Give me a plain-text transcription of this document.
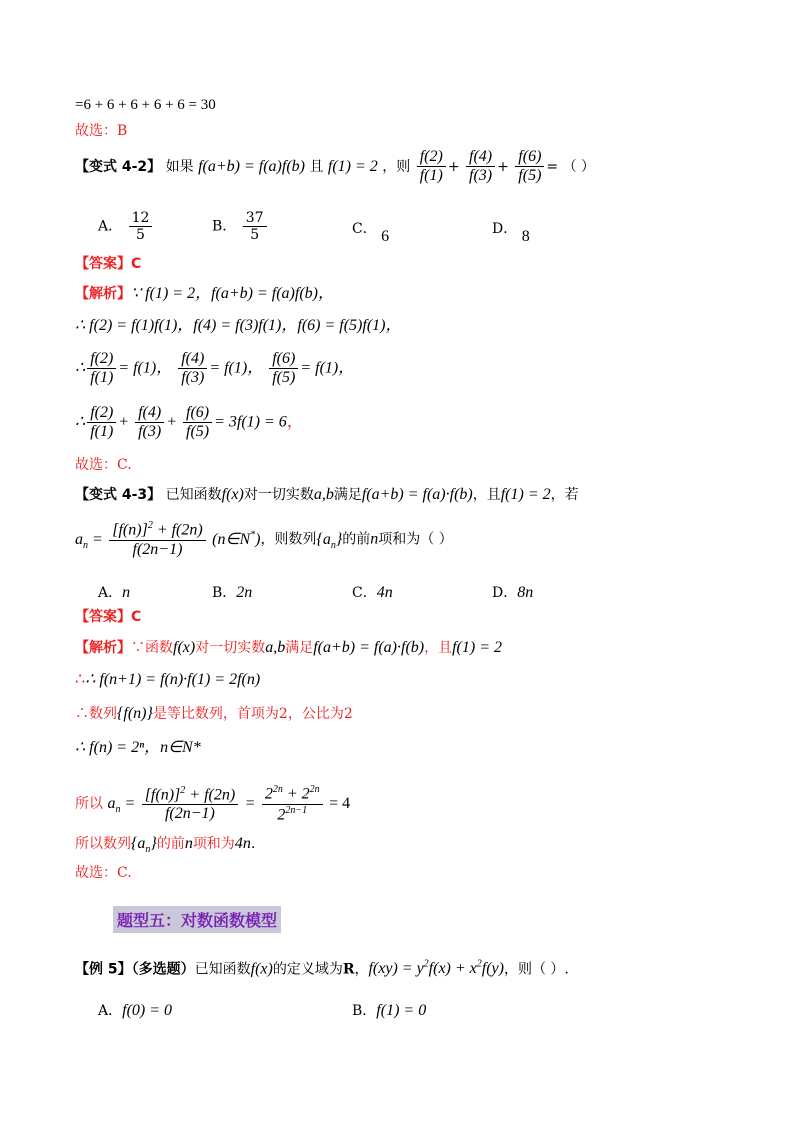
=6 + 6 + 6 + 6 + 6 = 30
故选：B
【变式 4-2】 如果 f(a+b) = f(a)f(b) 且 f(1) = 2 ，则 $\frac{f(2)}{f(1)} + \frac{f(4)}{f(3)} + \frac{f(6)}{f(5)}$ = （ ）
A． $\frac{12}{5}$	B． $\frac{37}{5}$	C． 6	D． 8
【答案】C
【解析】∵ f(1) = 2，f(a+b) = f(a)f(b)，
∴ f(2) = f(1)f(1)，f(4) = f(3)f(1)，f(6) = f(5)f(1)，
∴ $\frac{f(2)}{f(1)} = f(1)$， $\frac{f(4)}{f(3)} = f(1)$， $\frac{f(6)}{f(5)} = f(1)$，
∴ $\frac{f(2)}{f(1)} + \frac{f(4)}{f(3)} + \frac{f(6)}{f(5)} = 3f(1) = 6$，
故选：C.
【变式 4-3】 已知函数f(x)对一切实数a,b满足f(a+b) = f(a)·f(b)，且f(1) = 2，若
$a_n = \frac{[f(n)]^2 + f(2n)}{f(2n-1)}$ (n∈N*)，则数列$\{a_n\}$的前n项和为（ ）
A．n	B．2n	C．4n	D．8n
【答案】C
【解析】∵函数f(x)对一切实数a,b满足f(a+b) = f(a)·f(b)，且f(1) = 2
∴∴ f(n+1) = f(n)·f(1) = 2f(n)
∴数列{f(n)}是等比数列，首项为2，公比为2
∴ f(n) = 2ⁿ，n∈N*
所以 $a_n = \frac{[f(n)]^2 + f(2n)}{f(2n-1)} = \frac{2^{2n} + 2^{2n}}{2^{2n-1}} = 4$
所以数列$\{a_n\}$的前n项和为4n.
故选：C.
题型五：对数函数模型
【例 5】（多选题）已知函数f(x)的定义域为R，$f(xy) = y^2f(x) + x^2f(y)$，则（ ）.
A．f(0) = 0	B．f(1) = 0
